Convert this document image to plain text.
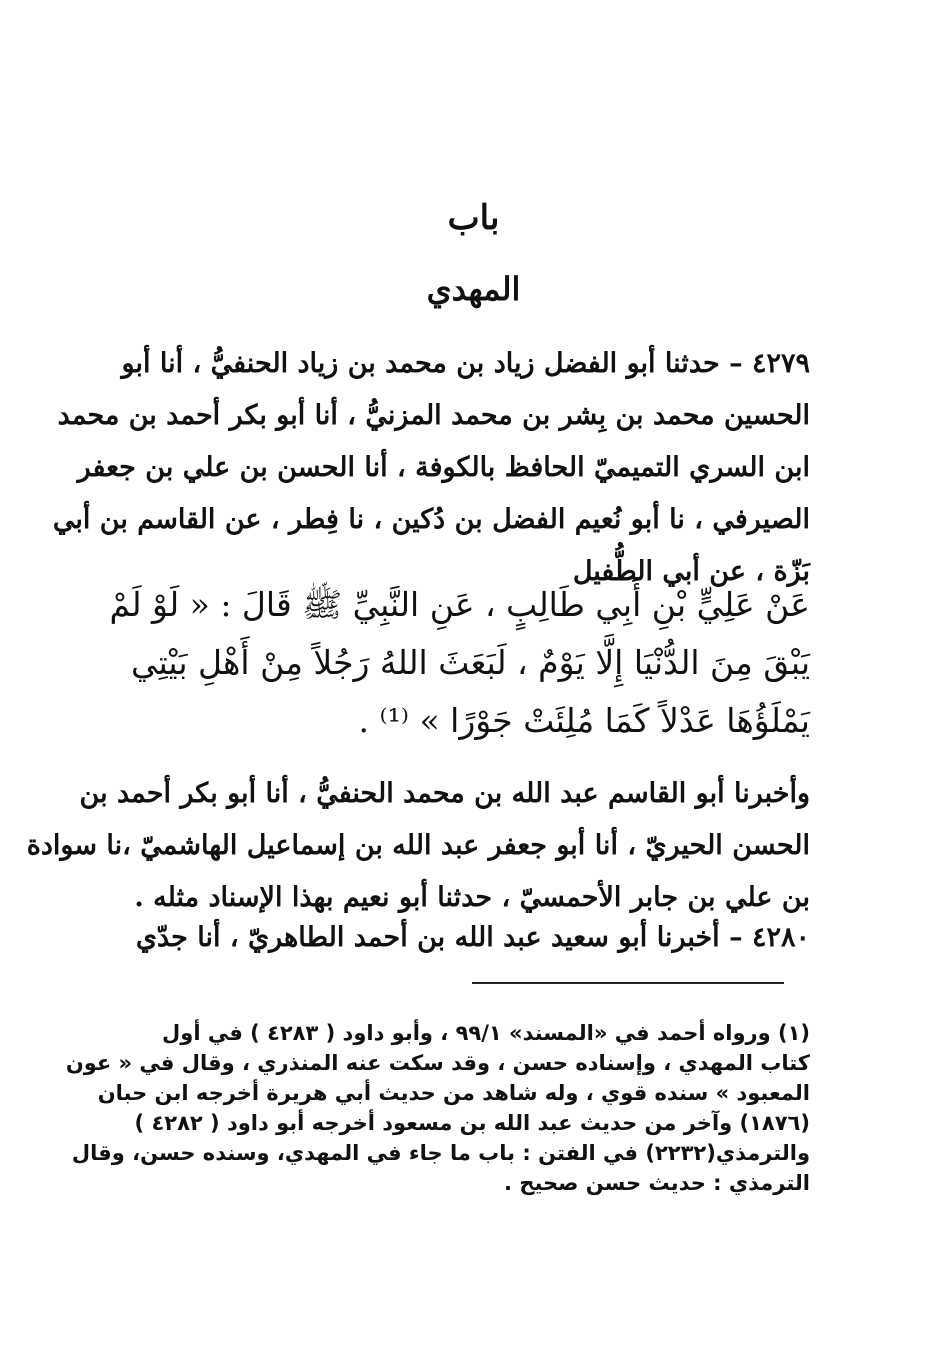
باب
المهدي
٤٢٧٩ – حدثنا أبو الفضل زياد بن محمد بن زياد الحنفيُّ ، أنا أبو
الحسين محمد بن بِشر بن محمد المزنيُّ ، أنا أبو بكر أحمد بن محمد
ابن السري التميميّ الحافظ بالكوفة ، أنا الحسن بن علي بن جعفر
الصيرفي ، نا أبو نُعيم الفضل بن دُكين ، نا فِطر ، عن القاسم بن أبي
بَزّة ، عن أبي الطُّفيل
عَنْ عَلِيٍّ بْنِ أَبِي طَالِبٍ ، عَنِ النَّبِيِّ ﷺ قَالَ : « لَوْ لَمْ
يَبْقَ مِنَ الدُّنْيَا إِلَّا يَوْمٌ ، لَبَعَثَ اللهُ رَجُلاً مِنْ أَهْلِ بَيْتِي
يَمْلَؤُهَا عَدْلاً كَمَا مُلِئَتْ جَوْرًا » ⁽¹⁾ .
وأخبرنا أبو القاسم عبد الله بن محمد الحنفيُّ ، أنا أبو بكر أحمد بن
الحسن الحيريّ ، أنا أبو جعفر عبد الله بن إسماعيل الهاشميّ ،نا سوادة
بن علي بن جابر الأحمسيّ ، حدثنا أبو نعيم بهذا الإسناد مثله .
٤٢٨٠ – أخبرنا أبو سعيد عبد الله بن أحمد الطاهريّ ، أنا جدّي
(١) ورواه أحمد في «المسند» ٩٩/١ ، وأبو داود ( ٤٢٨٣ ) في أول
كتاب المهدي ، وإسناده حسن ، وقد سكت عنه المنذري ، وقال في « عون
المعبود » سنده قوي ، وله شاهد من حديث أبي هريرة أخرجه ابن حبان
(١٨٧٦) وآخر من حديث عبد الله بن مسعود أخرجه أبو داود ( ٤٢٨٢ )
والترمذي(٢٢٣٢) في الفتن : باب ما جاء في المهدي، وسنده حسن، وقال
الترمذي : حديث حسن صحيح .
